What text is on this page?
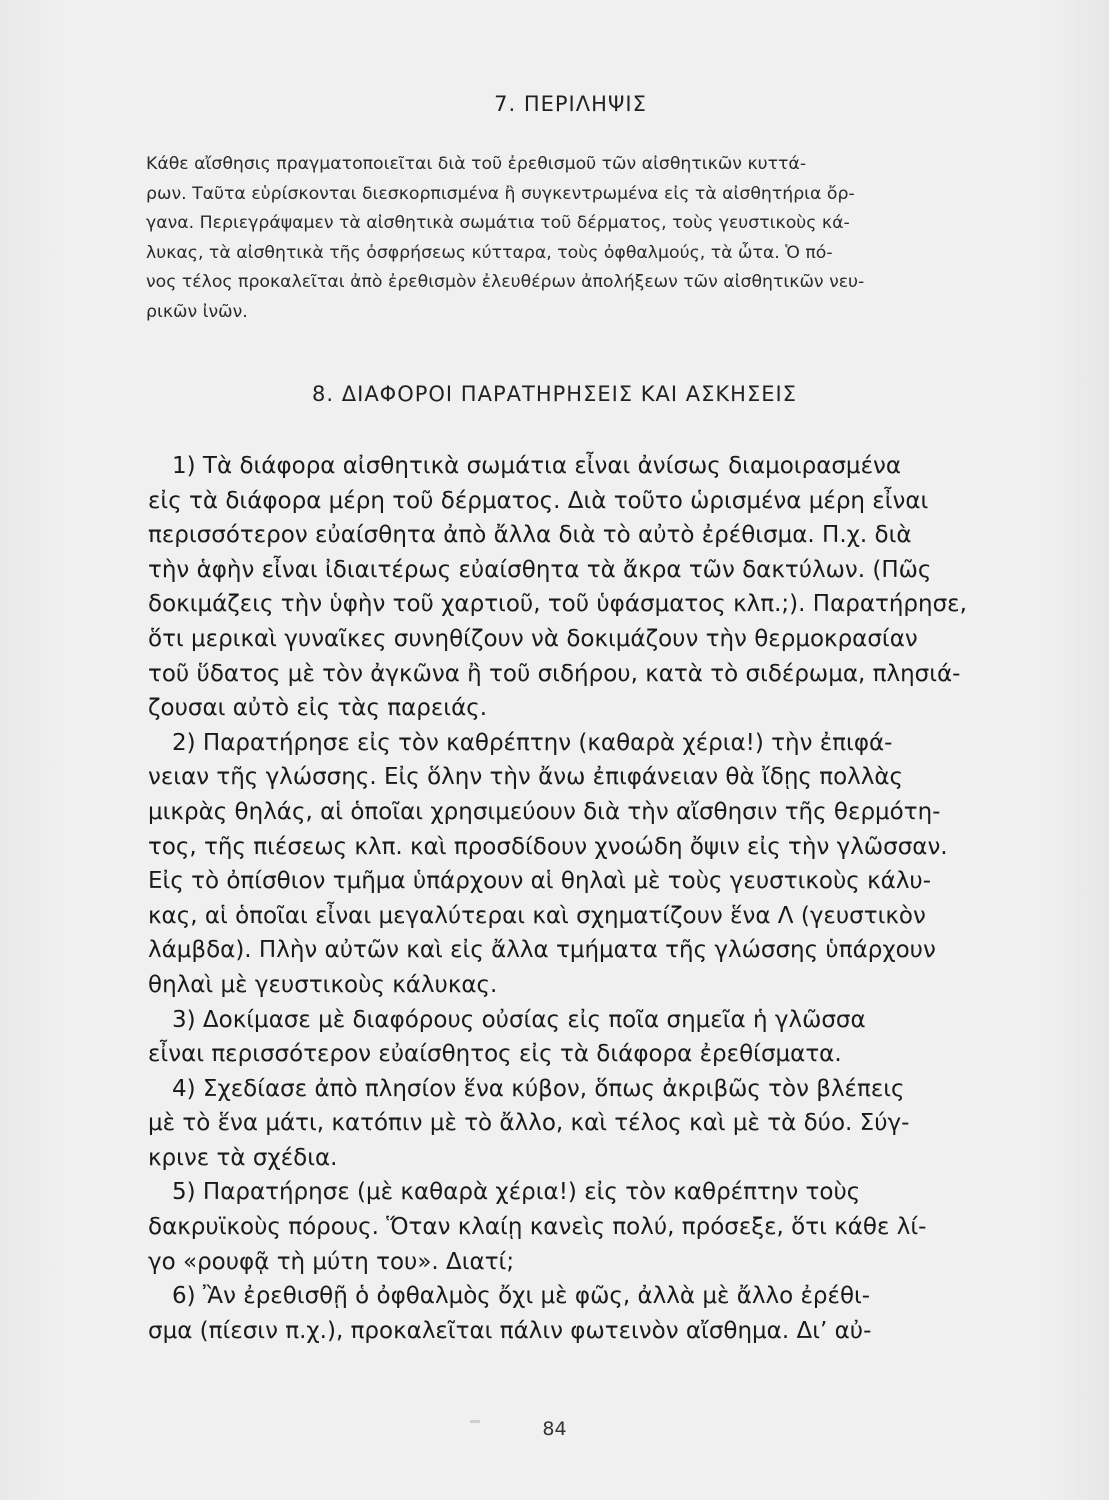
7. ΠΕΡΙΛΗΨΙΣ
Κάθε αἴσθησις πραγματοποιεῖται διὰ τοῦ ἐρεθισμοῦ τῶν αἰσθητικῶν κυττά-
ρων. Ταῦτα εὑρίσκονται διεσκορπισμένα ἢ συγκεντρωμένα εἰς τὰ αἰσθητήρια ὄρ-
γανα. Περιεγράψαμεν τὰ αἰσθητικὰ σωμάτια τοῦ δέρματος, τοὺς γευστικοὺς κά-
λυκας, τὰ αἰσθητικὰ τῆς ὀσφρήσεως κύτταρα, τοὺς ὀφθαλμούς, τὰ ὦτα. Ὁ πό-
νος τέλος προκαλεῖται ἀπὸ ἐρεθισμὸν ἐλευθέρων ἀπολήξεων τῶν αἰσθητικῶν νευ-
ρικῶν ἰνῶν.
8. ΔΙΑΦΟΡΟΙ ΠΑΡΑΤΗΡΗΣΕΙΣ ΚΑΙ ΑΣΚΗΣΕΙΣ
1) Τὰ διάφορα αἰσθητικὰ σωμάτια εἶναι ἀνίσως διαμοιρασμένα
εἰς τὰ διάφορα μέρη τοῦ δέρματος. Διὰ τοῦτο ὡρισμένα μέρη εἶναι
περισσότερον εὐαίσθητα ἀπὸ ἄλλα διὰ τὸ αὐτὸ ἐρέθισμα. Π.χ. διὰ
τὴν ἁφὴν εἶναι ἰδιαιτέρως εὐαίσθητα τὰ ἄκρα τῶν δακτύλων. (Πῶς
δοκιμάζεις τὴν ὑφὴν τοῦ χαρτιοῦ, τοῦ ὑφάσματος κλπ.;). Παρατήρησε,
ὅτι μερικαὶ γυναῖκες συνηθίζουν νὰ δοκιμάζουν τὴν θερμοκρασίαν
τοῦ ὕδατος μὲ τὸν ἀγκῶνα ἢ τοῦ σιδήρου, κατὰ τὸ σιδέρωμα, πλησιά-
ζουσαι αὐτὸ εἰς τὰς παρειάς.
2) Παρατήρησε εἰς τὸν καθρέπτην (καθαρὰ χέρια!) τὴν ἐπιφά-
νειαν τῆς γλώσσης. Εἰς ὅλην τὴν ἄνω ἐπιφάνειαν θὰ ἴδῃς πολλὰς
μικρὰς θηλάς, αἱ ὁποῖαι χρησιμεύουν διὰ τὴν αἴσθησιν τῆς θερμότη-
τος, τῆς πιέσεως κλπ. καὶ προσδίδουν χνοώδη ὄψιν εἰς τὴν γλῶσσαν.
Εἰς τὸ ὀπίσθιον τμῆμα ὑπάρχουν αἱ θηλαὶ μὲ τοὺς γευστικοὺς κάλυ-
κας, αἱ ὁποῖαι εἶναι μεγαλύτεραι καὶ σχηματίζουν ἕνα Λ (γευστικὸν
λάμβδα). Πλὴν αὐτῶν καὶ εἰς ἄλλα τμήματα τῆς γλώσσης ὑπάρχουν
θηλαὶ μὲ γευστικοὺς κάλυκας.
3) Δοκίμασε μὲ διαφόρους οὐσίας εἰς ποῖα σημεῖα ἡ γλῶσσα
εἶναι περισσότερον εὐαίσθητος εἰς τὰ διάφορα ἐρεθίσματα.
4) Σχεδίασε ἀπὸ πλησίον ἕνα κύβον, ὅπως ἀκριβῶς τὸν βλέπεις
μὲ τὸ ἕνα μάτι, κατόπιν μὲ τὸ ἄλλο, καὶ τέλος καὶ μὲ τὰ δύο. Σύγ-
κρινε τὰ σχέδια.
5) Παρατήρησε (μὲ καθαρὰ χέρια!) εἰς τὸν καθρέπτην τοὺς
δακρυϊκοὺς πόρους. Ὅταν κλαίῃ κανεὶς πολύ, πρόσεξε, ὅτι κάθε λί-
γο «ρουφᾷ τὴ μύτη του». Διατί;
6) Ἂν ἐρεθισθῇ ὁ ὀφθαλμὸς ὄχι μὲ φῶς, ἀλλὰ μὲ ἄλλο ἐρέθι-
σμα (πίεσιν π.χ.), προκαλεῖται πάλιν φωτεινὸν αἴσθημα. Δι’ αὐ-
84
